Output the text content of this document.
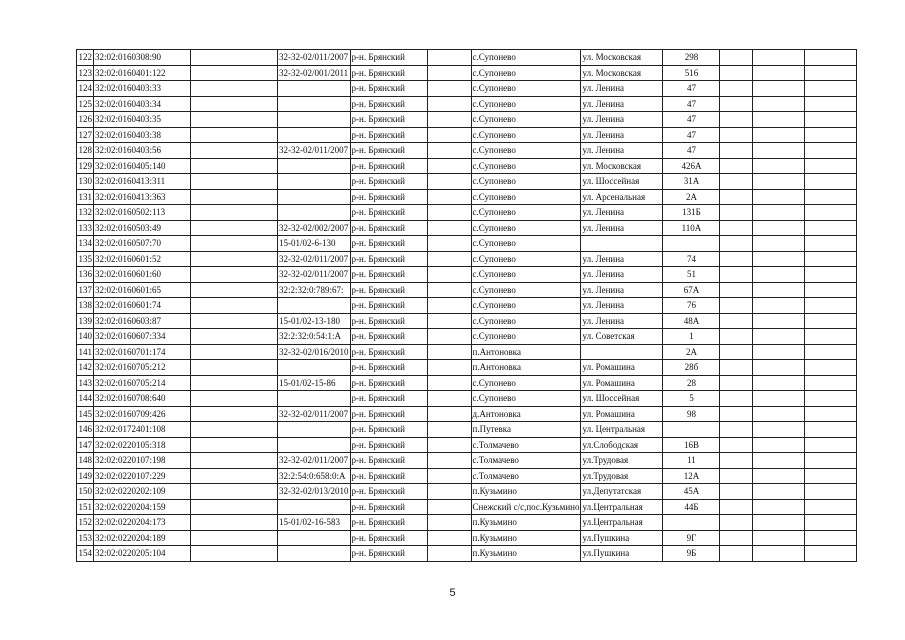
122	32:02:0160308:90		32-32-02/011/2007	р-н. Брянский		с.Супонево	ул. Московская	298			
123	32:02:0160401:122		32-32-02/001/2011	р-н. Брянский		с.Супонево	ул. Московская	516			
124	32:02:0160403:33			р-н. Брянский		с.Супонево	ул. Ленина	47			
125	32:02:0160403:34			р-н. Брянский		с.Супонево	ул. Ленина	47			
126	32:02:0160403:35			р-н. Брянский		с.Супонево	ул. Ленина	47			
127	32:02:0160403:38			р-н. Брянский		с.Супонево	ул. Ленина	47			
128	32:02:0160403:56		32-32-02/011/2007	р-н. Брянский		с.Супонево	ул. Ленина	47			
129	32:02:0160405:140			р-н. Брянский		с.Супонево	ул. Московская	426А			
130	32:02:0160413:311			р-н. Брянский		с.Супонево	ул. Шоссейная	31А			
131	32:02:0160413:363			р-н. Брянский		с.Супонево	ул. Арсенальная	2А			
132	32:02:0160502:113			р-н. Брянский		с.Супонево	ул. Ленина	131Б			
133	32:02:0160503:49		32-32-02/002/2007	р-н. Брянский		с.Супонево	ул. Ленина	110А			
134	32:02:0160507:70		15-01/02-6-130	р-н. Брянский		с.Супонево					
135	32:02:0160601:52		32-32-02/011/2007	р-н. Брянский		с.Супонево	ул. Ленина	74			
136	32:02:0160601:60		32-32-02/011/2007	р-н. Брянский		с.Супонево	ул. Ленина	51			
137	32:02:0160601:65		32:2:32:0:789:67:	р-н. Брянский		с.Супонево	ул. Ленина	67А			
138	32:02:0160601:74			р-н. Брянский		с.Супонево	ул. Ленина	76			
139	32:02:0160603:87		15-01/02-13-180	р-н. Брянский		с.Супонево	ул. Ленина	48А			
140	32:02:0160607:334		32:2:32:0:54:1:А	р-н. Брянский		с.Супонево	ул. Советская	1			
141	32:02:0160701:174		32-32-02/016/2010	р-н. Брянский		п.Антоновка		2А			
142	32:02:0160705:212			р-н. Брянский		п.Антоновка	ул. Ромашина	28б			
143	32:02:0160705:214		15-01/02-15-86	р-н. Брянский		с.Супонево	ул. Ромашина	28			
144	32:02:0160708:640			р-н. Брянский		с.Супонево	ул. Шоссейная	5			
145	32:02:0160709:426		32-32-02/011/2007	р-н. Брянский		д.Антоновка	ул. Ромашина	98			
146	32:02:0172401:108			р-н. Брянский		п.Путевка	ул. Центральная				
147	32:02:0220105:318			р-н. Брянский		с.Толмачево	ул.Слободская	16В			
148	32:02:0220107:198		32-32-02/011/2007	р-н. Брянский		с.Толмачево	ул.Трудовая	11			
149	32:02:0220107:229		32:2:54:0:658:0:А	р-н. Брянский		с.Толмачево	ул.Трудовая	12А			
150	32:02:0220202:109		32-32-02/013/2010	р-н. Брянский		п.Кузьмино	ул.Депутатская	45А			
151	32:02:0220204:159			р-н. Брянский		Снежский с/с,пос.Кузьмино	ул.Центральная	44Б			
152	32:02:0220204:173		15-01/02-16-583	р-н. Брянский		п.Кузьмино	ул.Центральная				
153	32:02:0220204:189			р-н. Брянский		п.Кузьмино	ул.Пушкина	9Г			
154	32:02:0220205:104			р-н. Брянский		п.Кузьмино	ул.Пушкина	9Б			
5
